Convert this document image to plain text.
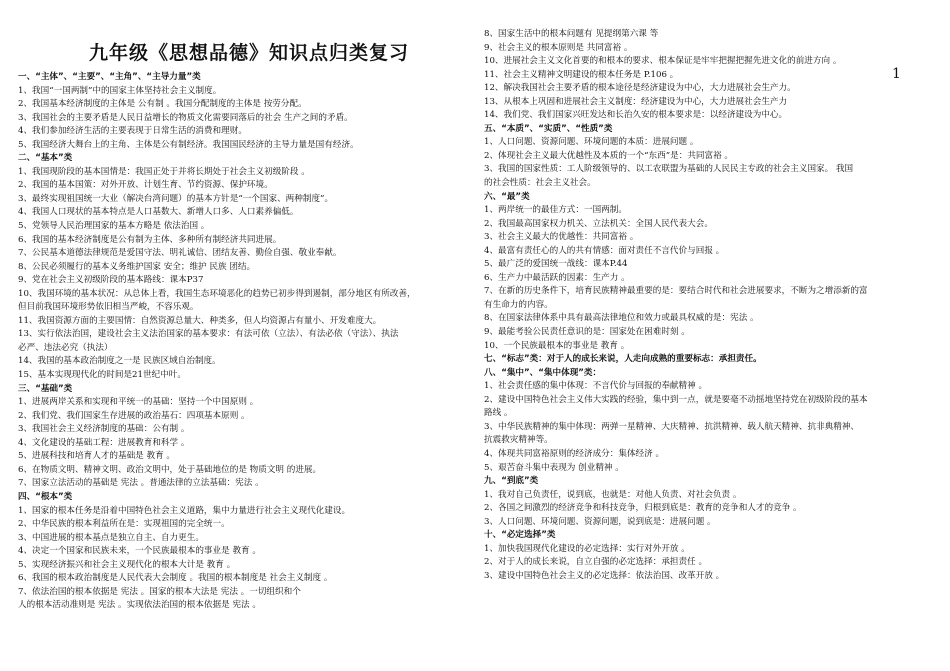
九年级《思想品德》知识点归类复习
一、“主体”、“主要”、“主角”、“主导力量”类
1、我国“一国两制”中的国家主体坚持社会主义制度。
2、我国基本经济制度的主体是 公有制 。我国分配制度的主体是 按劳分配。
3、我国社会的主要矛盾是人民日益增长的物质文化需要同落后的社会 生产之间的矛盾。
4、我们参加经济生活的主要表现于日常生活的消费和理财。
5、我国经济大舞台上的主角、主体是公有制经济。我国国民经济的主导力量是国有经济。
二、“基本”类
1、我国现阶段的基本国情是：我国正处于并将长期处于社会主义初级阶段 。
2、我国的基本国策：对外开放、计划生育、节约资源、保护环境。
3、最终实现祖国统一大业（解决台湾问题）的基本方针是“一个国家、两种制度”。
4、我国人口现状的基本特点是人口基数大、新增人口多、人口素养偏低。
5、党领导人民治理国家的基本方略是 依法治国 。
6、我国的基本经济制度是公有制为主体、多种所有制经济共同进展。
7、公民基本道德法律规范是爱国守法、明礼诚信、团结友善、勤俭自强、敬业奉献。
8、公民必须履行的基本义务维护国家 安全；维护 民族 团结。
9、党在社会主义初级阶段的基本路线：课本P37
10、我国环境的基本状况：从总体上看，我国生态环境恶化的趋势已初步得到遏制，部分地区有所改善，
但目前我国环境形势依旧相当严峻，不容乐观。
11、我国资源方面的主要国情：自然资源总量大、种类多，但人均资源占有量小、开发难度大。
13、实行依法治国，建设社会主义法治国家的基本要求：有法可依（立法）、有法必依（守法）、执法
必严、违法必究（执法）
14、我国的基本政治制度之一是 民族区域自治制度。
15、基本实现现代化的时间是21世纪中叶。
三、“基础”类
1、进展两岸关系和实现和平统一的基础：坚持一个中国原则 。
2、我们党、我们国家生存进展的政治基石：四项基本原则 。
3、我国社会主义经济制度的基础：公有制 。
4、文化建设的基础工程：进展教育和科学 。
5、进展科技和培育人才的基础是 教育 。
6、在物质文明、精神文明、政治文明中，处于基础地位的是 物质文明 的进展。
7、国家立法活动的基础是 宪法 。普通法律的立法基础：宪法 。
四、“根本”类
1、国家的根本任务是沿着中国特色社会主义道路，集中力量进行社会主义现代化建设。
2、中华民族的根本利益所在是：实现祖国的完全统一。
3、中国进展的根本基点是独立自主、自力更生。
4、决定一个国家和民族未来，一个民族最根本的事业是 教育 。
5、实现经济振兴和社会主义现代化的根本大计是 教育 。
6、我国的根本政治制度是人民代表大会制度 。我国的根本制度是 社会主义制度 。
7、依法治国的根本依据是 宪法 。国家的根本大法是 宪法 。一切组织和个
人的根本活动准则是 宪法 。实现依法治国的根本依据是 宪法 。
8、国家生活中的根本问题有 见提纲第六课 等
9、社会主义的根本原则是 共同富裕 。
10、进展社会主义文化首要的和根本的要求、根本保证是牢牢把握把握先进文化的前进方向 。
11、社会主义精神文明建设的根本任务是 P.106 。
12、解决我国社会主要矛盾的根本途径是经济建设为中心，大力进展社会生产力。
13、从根本上巩固和进展社会主义制度：经济建设为中心，大力进展社会生产力
14、我们党、我们国家兴旺发达和长治久安的根本要求是：以经济建设为中心。
五、“本质”、“实质”、“性质”类
1、人口问题、资源问题、环境问题的本质：进展问题 。
2、体现社会主义最大优越性及本质的一个“东西”是：共同富裕 。
3、我国的国家性质：工人阶级领导的、以工农联盟为基础的人民民主专政的社会主义国家。 我国
的社会性质：社会主义社会。
六、“最”类
1、两岸统一的最佳方式：一国两制。
2、我国最高国家权力机关、立法机关：全国人民代表大会。
3、社会主义最大的优越性：共同富裕 。
4、最富有责任心的人的共有情感：面对责任不言代价与回报 。
5、最广泛的爱国统一战线：课本P.44
6、生产力中最活跃的因素：生产力 。
7、在新的历史条件下，培育民族精神最重要的是：要结合时代和社会进展要求，不断为之增添新的富
有生命力的内容。
8、在国家法律体系中具有最高法律地位和效力或最具权威的是：宪法 。
9、最能考验公民责任意识的是：国家处在困难时刻 。
10、一个民族最根本的事业是 教育 。
七、“标志”类：对于人的成长来说，人走向成熟的重要标志：承担责任。
八、“集中”、“集中体现”类：
1、社会责任感的集中体现：不言代价与回报的奉献精神 。
2、建设中国特色社会主义伟大实践的经验，集中到一点，就是要毫不动摇地坚持党在初级阶段的基本
路线 。
3、中华民族精神的集中体现：两弹一星精神、大庆精神、抗洪精神、载人航天精神、抗非典精神、
抗震救灾精神等。
4、体现共同富裕原则的经济成分：集体经济 。
5、艰苦奋斗集中表现为 创业精神 。
九、“到底”类
1、我对自己负责任，说到底，也就是：对他人负责、对社会负责 。
2、各国之间激烈的经济竞争和科技竞争，归根到底是：教育的竞争和人才的竞争 。
3、人口问题、环境问题、资源问题，说到底是：进展问题 。
十、“必定选择”类
1、加快我国现代化建设的必定选择：实行对外开放 。
2、对于人的成长来说，自立自强的必定选择：承担责任 。
3、建设中国特色社会主义的必定选择：依法治国、改革开放 。
1
